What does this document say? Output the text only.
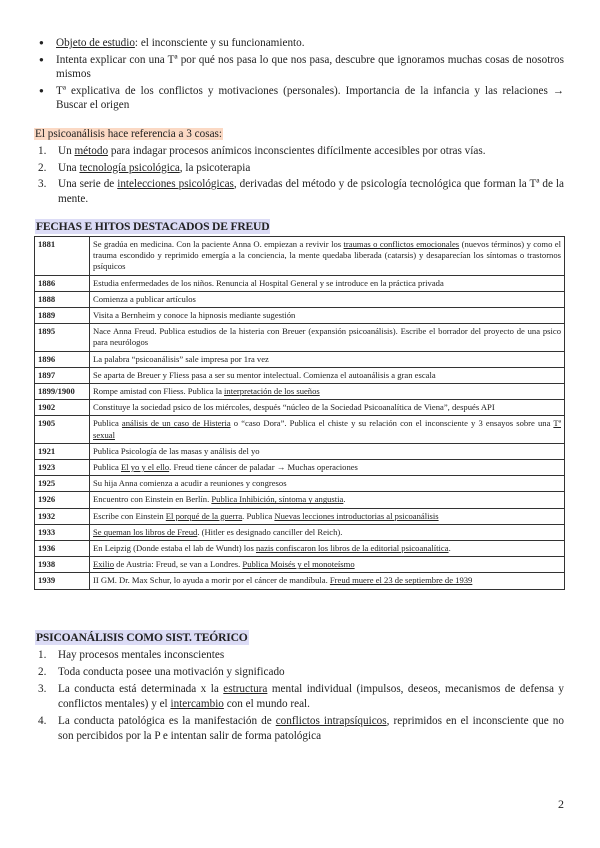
● Objeto de estudio: el inconsciente y su funcionamiento.
● Intenta explicar con una Tª por qué nos pasa lo que nos pasa, descubre que ignoramos muchas cosas de nosotros mismos
● Tª explicativa de los conflictos y motivaciones (personales). Importancia de la infancia y las relaciones → Buscar el origen
El psicoanálisis hace referencia a 3 cosas:
1. Un método para indagar procesos anímicos inconscientes difícilmente accesibles por otras vías.
2. Una tecnología psicológica, la psicoterapia
3. Una serie de intelecciones psicológicas, derivadas del método y de psicología tecnológica que forman la Tª de la mente.
FECHAS E HITOS DESTACADOS DE FREUD
1881	Se gradúa en medicina. Con la paciente Anna O. empiezan a revivir los traumas o conflictos emocionales (nuevos términos) y como el trauma escondido y reprimido emergía a la conciencia, la mente quedaba liberada (catarsis) y desaparecían los síntomas o trastornos psíquicos
1886	Estudia enfermedades de los niños. Renuncia al Hospital General y se introduce en la práctica privada
1888	Comienza a publicar artículos
1889	Visita a Bernheim y conoce la hipnosis mediante sugestión
1895	Nace Anna Freud. Publica estudios de la histeria con Breuer (expansión psicoanálisis). Escribe el borrador del proyecto de una psico para neurólogos
1896	La palabra “psicoanálisis” sale impresa por 1ra vez
1897	Se aparta de Breuer y Fliess pasa a ser su mentor intelectual. Comienza el autoanálisis a gran escala
1899/1900	Rompe amistad con Fliess. Publica la interpretación de los sueños
1902	Constituye la sociedad psico de los miércoles, después “núcleo de la Sociedad Psicoanalítica de Viena”, después API
1905	Publica análisis de un caso de Histeria o “caso Dora”. Publica el chiste y su relación con el inconsciente y 3 ensayos sobre una Tª sexual
1921	Publica Psicología de las masas y análisis del yo
1923	Publica El yo y el ello. Freud tiene cáncer de paladar → Muchas operaciones
1925	Su hija Anna comienza a acudir a reuniones y congresos
1926	Encuentro con Einstein en Berlín. Publica Inhibición, síntoma y angustia.
1932	Escribe con Einstein El porqué de la guerra. Publica Nuevas lecciones introductorias al psicoanálisis
1933	Se queman los libros de Freud. (Hitler es designado canciller del Reich).
1936	En Leipzig (Donde estaba el lab de Wundt) los nazis confiscaron los libros de la editorial psicoanalítica.
1938	Exilio de Austria: Freud, se van a Londres. Publica Moisés y el monoteísmo
1939	II GM. Dr. Max Schur, lo ayuda a morir por el cáncer de mandíbula. Freud muere el 23 de septiembre de 1939
PSICOANÁLISIS COMO SIST. TEÓRICO
1. Hay procesos mentales inconscientes
2. Toda conducta posee una motivación y significado
3. La conducta está determinada x la estructura mental individual (impulsos, deseos, mecanismos de defensa y conflictos mentales) y el intercambio con el mundo real.
4. La conducta patológica es la manifestación de conflictos intrapsíquicos, reprimidos en el inconsciente que no son percibidos por la P e intentan salir de forma patológica
2
